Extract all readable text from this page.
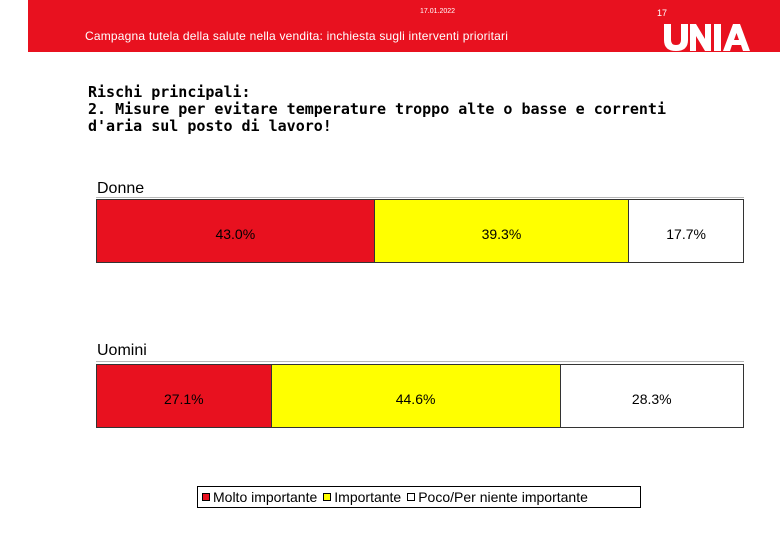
17.01.2022	17
Campagna tutela della salute nella vendita: inchiesta sugli interventi prioritari
Rischi principali:
2. Misure per evitare temperature troppo alte o basse e correnti
d'aria sul posto di lavoro!
Donne
43.0%	39.3%	17.7%
Uomini
27.1%	44.6%	28.3%
Molto importante Importante Poco/Per niente importante
